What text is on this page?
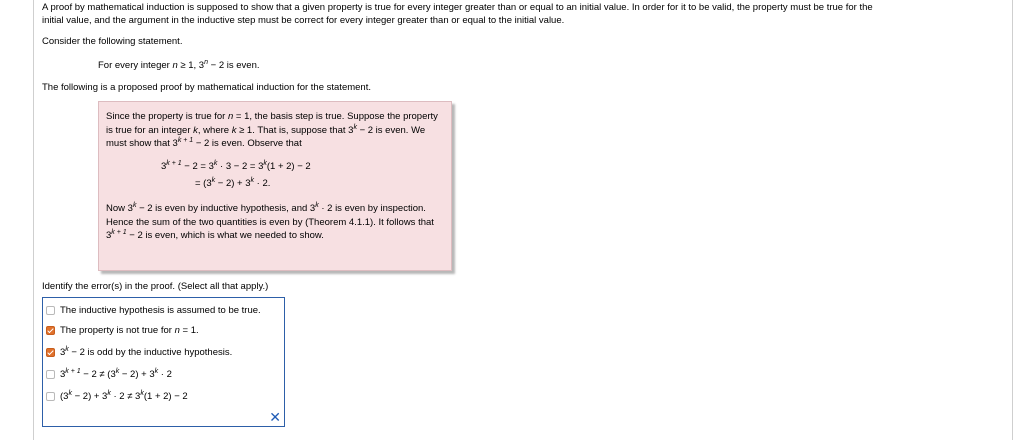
A proof by mathematical induction is supposed to show that a given property is true for every integer greater than or equal to an initial value. In order for it to be valid, the property must be true for the
initial value, and the argument in the inductive step must be correct for every integer greater than or equal to the initial value.
Consider the following statement.
For every integer n ≥ 1, $3^n - 2$ is even.
The following is a proposed proof by mathematical induction for the statement.
Since the property is true for n = 1, the basis step is true. Suppose the property is true for an integer k, where k ≥ 1. That is, suppose that $3^k - 2$ is even. We must show that $3^{k + 1} - 2$ is even. Observe that
$3^{k + 1} - 2 = 3^k \cdot 3 - 2 = 3^k(1 + 2) - 2$
= $(3^k - 2) + 3^k \cdot 2$.
Now $3^k - 2$ is even by inductive hypothesis, and $3^k \cdot 2$ is even by inspection. Hence the sum of the two quantities is even by (Theorem 4.1.1). It follows that $3^{k + 1} - 2$ is even, which is what we needed to show.
Identify the error(s) in the proof. (Select all that apply.)
The inductive hypothesis is assumed to be true.
The property is not true for n = 1.
$3^k - 2$ is odd by the inductive hypothesis.
$3^{k + 1} - 2 \ne (3^k - 2) + 3^k \cdot 2$
$(3^k - 2) + 3^k \cdot 2 \ne 3^k(1 + 2) - 2$
✕
